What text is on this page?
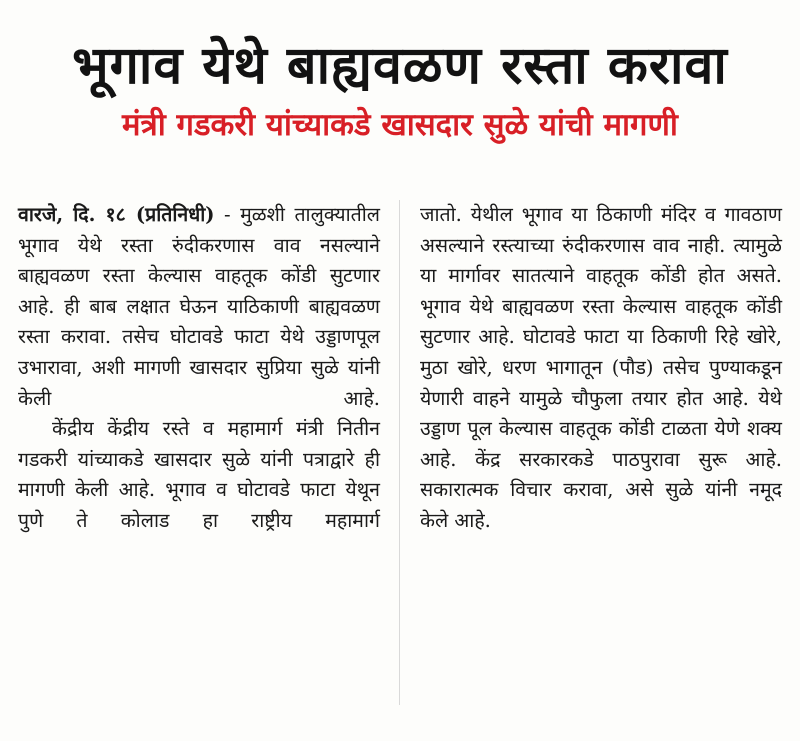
भूगाव येथे बाह्यवळण रस्ता करावा
मंत्री गडकरी यांच्याकडे खासदार सुळे यांची मागणी

वारजे, दि. १८ (प्रतिनिधी) - मुळशी तालुक्यातील भूगाव येथे रस्ता रुंदीकरणास वाव नसल्याने बाह्यवळण रस्ता केल्यास वाहतूक कोंडी सुटणार आहे. ही बाब लक्षात घेऊन याठिकाणी बाह्यवळण रस्ता करावा. तसेच घोटावडे फाटा येथे उड्डाणपूल उभारावा, अशी मागणी खासदार सुप्रिया सुळे यांनी केली आहे.

केंद्रीय केंद्रीय रस्ते व महामार्ग मंत्री नितीन गडकरी यांच्याकडे खासदार सुळे यांनी पत्राद्वारे ही मागणी केली आहे. भूगाव व घोटावडे फाटा येथून पुणे ते कोलाड हा राष्ट्रीय महामार्ग

जातो. येथील भूगाव या ठिकाणी मंदिर व गावठाण असल्याने रस्त्याच्या रुंदीकरणास वाव नाही. त्यामुळे या मार्गावर सातत्याने वाहतूक कोंडी होत असते. भूगाव येथे बाह्यवळण रस्ता केल्यास वाहतूक कोंडी सुटणार आहे. घोटावडे फाटा या ठिकाणी रिहे खोरे, मुठा खोरे, धरण भागातून (पौड) तसेच पुण्याकडून येणारी वाहने यामुळे चौफुला तयार होत आहे. येथे उड्डाण पूल केल्यास वाहतूक कोंडी टाळता येणे शक्य आहे. केंद्र सरकारकडे पाठपुरावा सुरू आहे. सकारात्मक विचार करावा, असे सुळे यांनी नमूद केले आहे.
